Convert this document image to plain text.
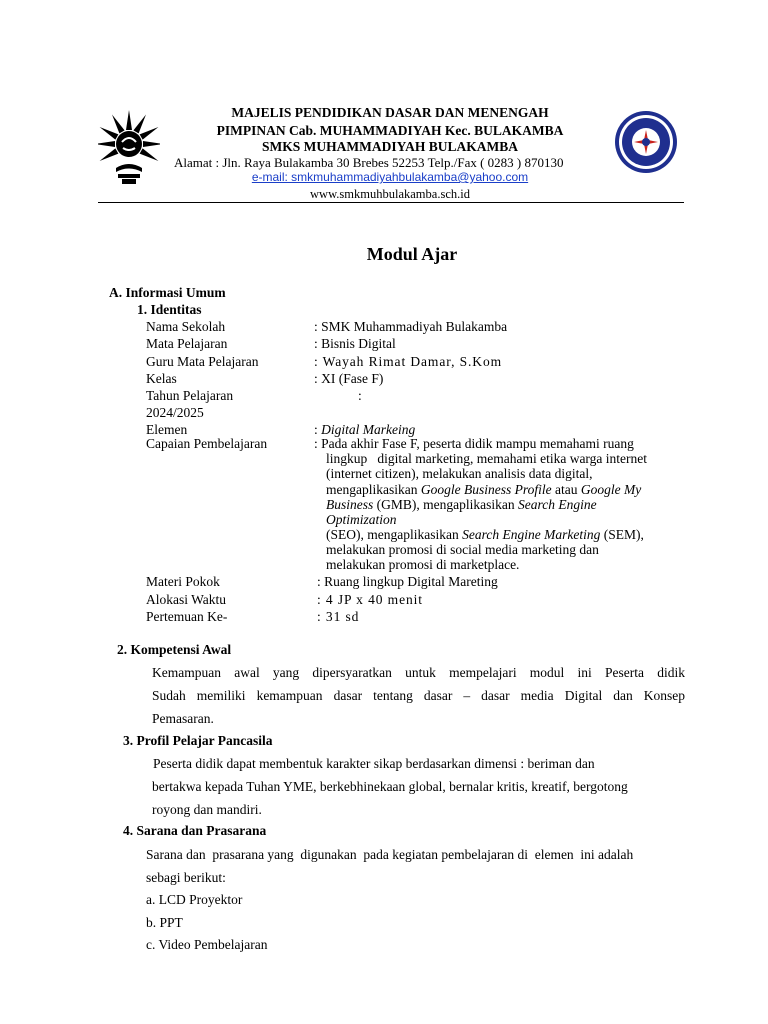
MAJELIS PENDIDIKAN DASAR DAN MENENGAH
PIMPINAN Cab. MUHAMMADIYAH Kec. BULAKAMBA
SMKS MUHAMMADIYAH BULAKAMBA
Alamat : Jln. Raya Bulakamba 30 Brebes 52253 Telp./Fax ( 0283 ) 870130
e-mail: smkmuhammadiyahbulakamba@yahoo.com
www.smkmuhbulakamba.sch.id
Modul Ajar
A. Informasi Umum
1. Identitas
Nama Sekolah	: SMK Muhammadiyah Bulakamba
Mata Pelajaran	: Bisnis Digital
Guru Mata Pelajaran	: Wayah Rimat Damar, S.Kom
Kelas	: XI (Fase F)
Tahun Pelajaran	:
2024/2025
Elemen	: Digital Markeing
Capaian Pembelajaran	: Pada akhir Fase F, peserta didik mampu memahami ruang
lingkup   digital marketing, memahami etika warga internet
(internet citizen), melakukan analisis data digital,
mengaplikasikan Google Business Profile atau Google My
Business (GMB), mengaplikasikan Search Engine
Optimization
(SEO), mengaplikasikan Search Engine Marketing (SEM),
melakukan promosi di social media marketing dan
melakukan promosi di marketplace.
Materi Pokok	: Ruang lingkup Digital Mareting
Alokasi Waktu	: 4 JP x 40 menit
Pertemuan Ke-	: 31 sd
2. Kompetensi Awal
Kemampuan awal yang dipersyaratkan untuk mempelajari modul ini Peserta didik
Sudah memiliki kemampuan dasar tentang dasar – dasar media Digital dan Konsep
Pemasaran.
3. Profil Pelajar Pancasila
Peserta didik dapat membentuk karakter sikap berdasarkan dimensi : beriman dan
bertakwa kepada Tuhan YME, berkebhinekaan global, bernalar kritis, kreatif, bergotong
royong dan mandiri.
4. Sarana dan Prasarana
Sarana dan  prasarana yang  digunakan  pada kegiatan pembelajaran di  elemen  ini adalah
sebagi berikut:
a. LCD Proyektor
b. PPT
c. Video Pembelajaran
